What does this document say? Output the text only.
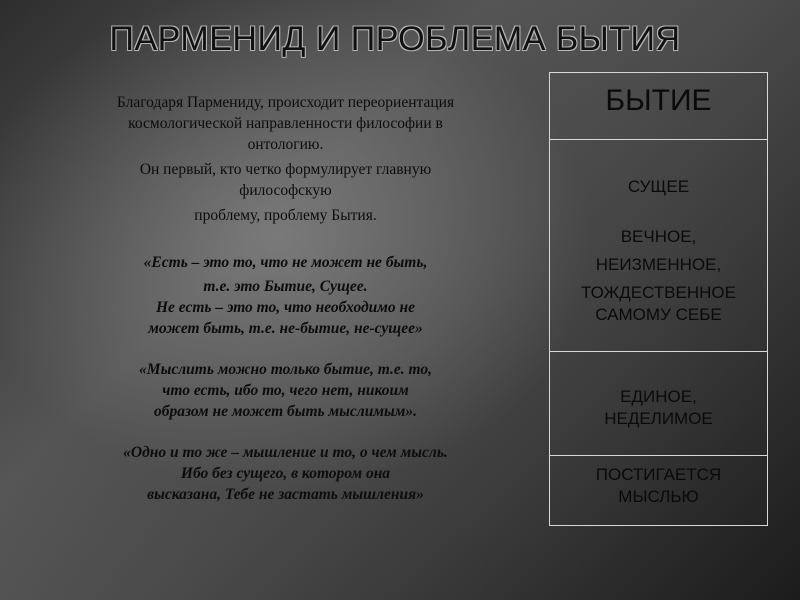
ПАРМЕНИД И ПРОБЛЕМА БЫТИЯ

Благодаря Пармениду, происходит переориентация
космологической направленности философии в
онтологию.

Он первый, кто четко формулирует главную
философскую

проблему, проблему Бытия.

«Есть – это то, что не может не быть,
т.е. это Бытие, Сущее.
Не есть – это то, что необходимо не
может быть, т.е. не-бытие, не-сущее»

«Мыслить можно только бытие, т.е. то,
что есть, ибо то, чего нет, никоим
образом не может быть мыслимым».

«Одно и то же – мышление и то, о чем мысль.
Ибо без сущего, в котором она
высказана, Тебе не застать мышления»

БЫТИЕ
СУЩЕЕ
ВЕЧНОЕ,
НЕИЗМЕННОЕ,
ТОЖДЕСТВЕННОЕ
САМОМУ СЕБЕ
ЕДИНОЕ,
НЕДЕЛИМОЕ
ПОСТИГАЕТСЯ
МЫСЛЬЮ
